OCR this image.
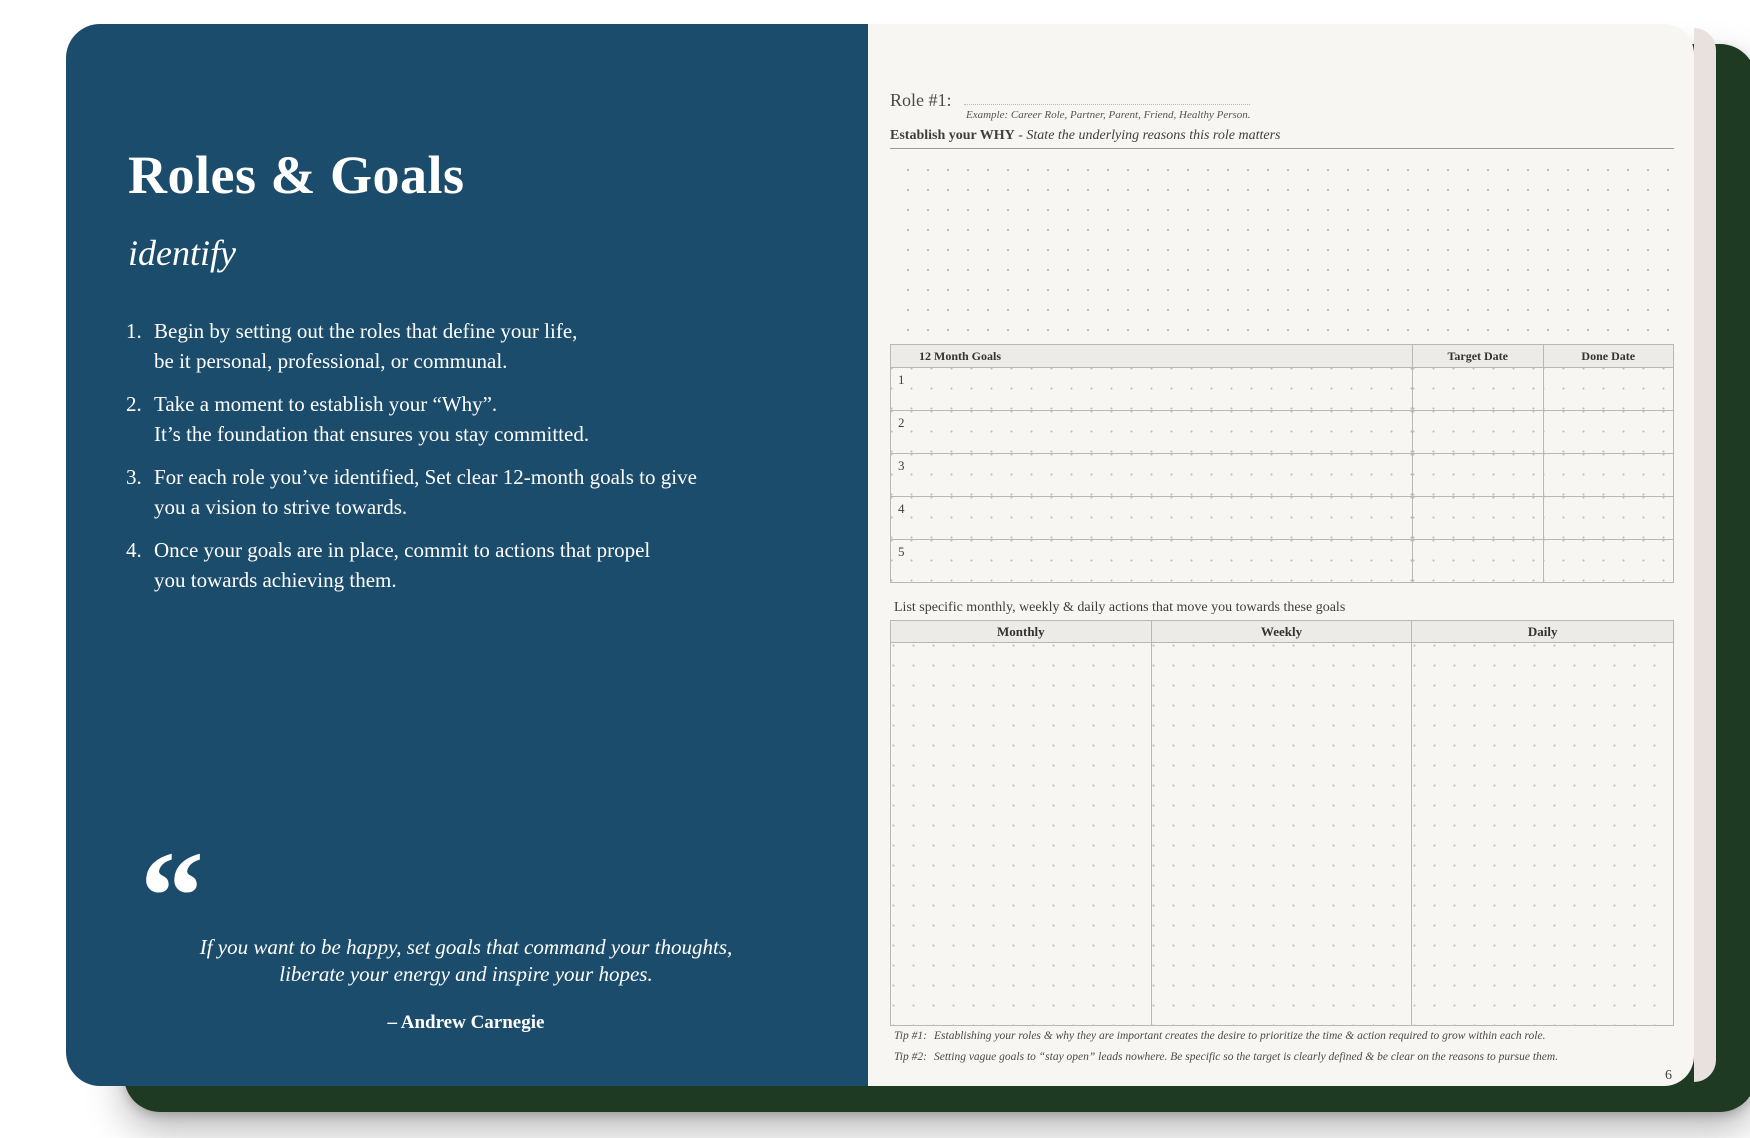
Roles & Goals
identify
1. Begin by setting out the roles that define your life,
be it personal, professional, or communal.
2. Take a moment to establish your “Why”.
It’s the foundation that ensures you stay committed.
3. For each role you’ve identified, Set clear 12-month goals to give
you a vision to strive towards.
4. Once your goals are in place, commit to actions that propel
you towards achieving them.
“
If you want to be happy, set goals that command your thoughts,
liberate your energy and inspire your hopes.
– Andrew Carnegie
Role #1:
Example: Career Role, Partner, Parent, Friend, Healthy Person.
Establish your WHY - State the underlying reasons this role matters
12 Month Goals	Target Date	Done Date

1		

2		

3		

4		

5		

List specific monthly, weekly & daily actions that move you towards these goals
Monthly	Weekly	Daily

Tip #1: Establishing your roles & why they are important creates the desire to prioritize the time & action required to grow within each role.
Tip #2: Setting vague goals to “stay open” leads nowhere. Be specific so the target is clearly defined & be clear on the reasons to pursue them.
6
